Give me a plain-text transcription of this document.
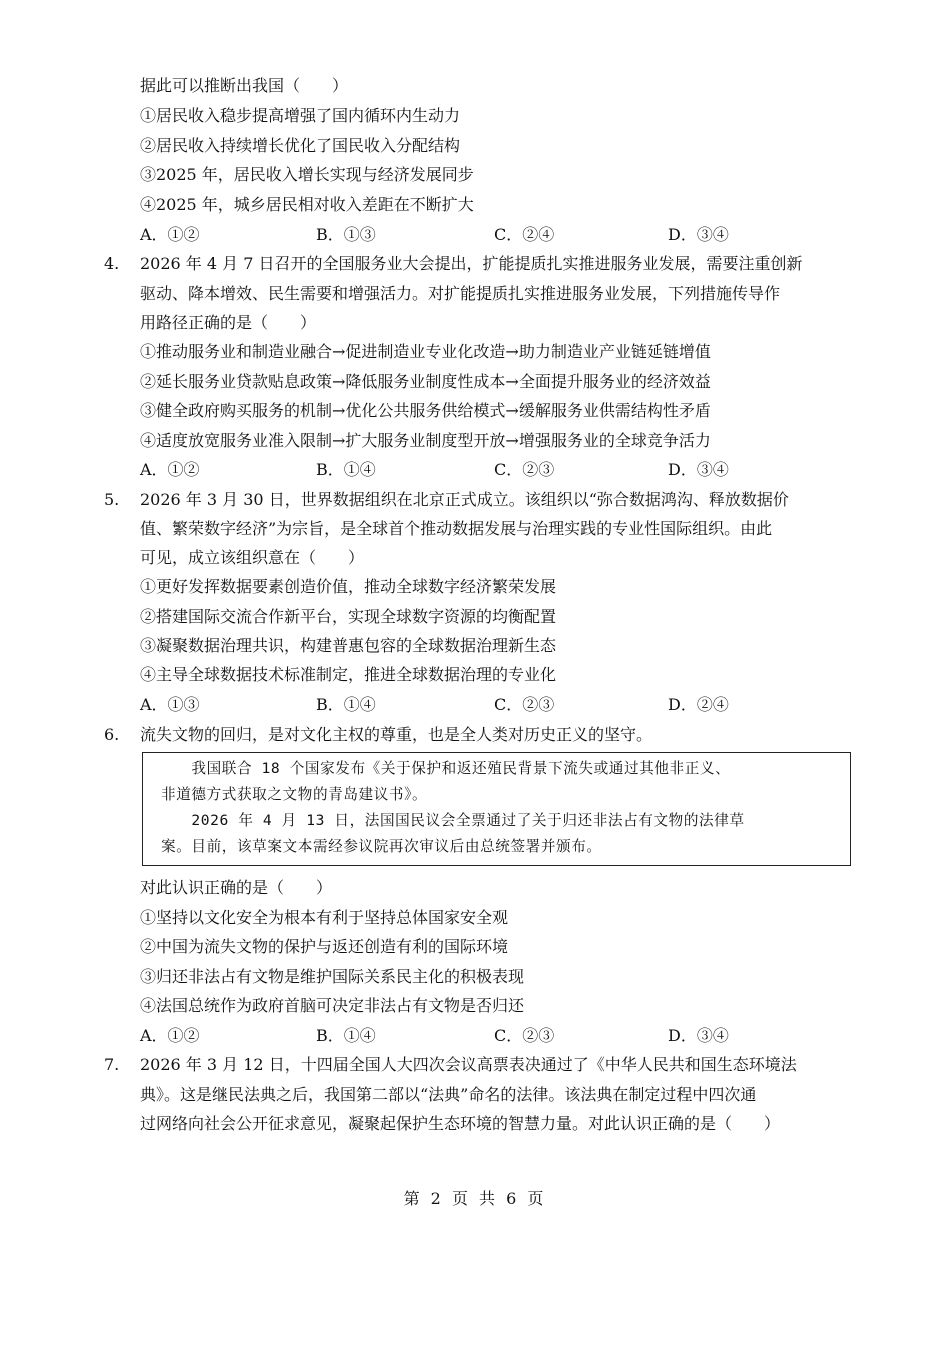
据此可以推断出我国（　　）
①居民收入稳步提高增强了国内循环内生动力
②居民收入持续增长优化了国民收入分配结构
③2025 年，居民收入增长实现与经济发展同步
④2025 年，城乡居民相对收入差距在不断扩大
A．①②	B．①③	C．②④	D．③④
4. 2026 年 4 月 7 日召开的全国服务业大会提出，扩能提质扎实推进服务业发展，需要注重创新
驱动、降本增效、民生需要和增强活力。对扩能提质扎实推进服务业发展，下列措施传导作
用路径正确的是（　　）
①推动服务业和制造业融合→促进制造业专业化改造→助力制造业产业链延链增值
②延长服务业贷款贴息政策→降低服务业制度性成本→全面提升服务业的经济效益
③健全政府购买服务的机制→优化公共服务供给模式→缓解服务业供需结构性矛盾
④适度放宽服务业准入限制→扩大服务业制度型开放→增强服务业的全球竞争活力
A．①②	B．①④	C．②③	D．③④
5. 2026 年 3 月 30 日，世界数据组织在北京正式成立。该组织以“弥合数据鸿沟、释放数据价
值、繁荣数字经济”为宗旨，是全球首个推动数据发展与治理实践的专业性国际组织。由此
可见，成立该组织意在（　　）
①更好发挥数据要素创造价值，推动全球数字经济繁荣发展
②搭建国际交流合作新平台，实现全球数字资源的均衡配置
③凝聚数据治理共识，构建普惠包容的全球数据治理新生态
④主导全球数据技术标准制定，推进全球数据治理的专业化
A．①③	B．①④	C．②③	D．②④
6. 流失文物的回归，是对文化主权的尊重，也是全人类对历史正义的坚守。
　　我国联合 18 个国家发布《关于保护和返还殖民背景下流失或通过其他非正义、
非道德方式获取之文物的青岛建议书》。
　　2026 年 4 月 13 日，法国国民议会全票通过了关于归还非法占有文物的法律草
案。目前，该草案文本需经参议院再次审议后由总统签署并颁布。
对此认识正确的是（　　）
①坚持以文化安全为根本有利于坚持总体国家安全观
②中国为流失文物的保护与返还创造有利的国际环境
③归还非法占有文物是维护国际关系民主化的积极表现
④法国总统作为政府首脑可决定非法占有文物是否归还
A．①②	B．①④	C．②③	D．③④
7. 2026 年 3 月 12 日，十四届全国人大四次会议高票表决通过了《中华人民共和国生态环境法
典》。这是继民法典之后，我国第二部以“法典”命名的法律。该法典在制定过程中四次通
过网络向社会公开征求意见，凝聚起保护生态环境的智慧力量。对此认识正确的是（　　）
第 2 页 共 6 页
